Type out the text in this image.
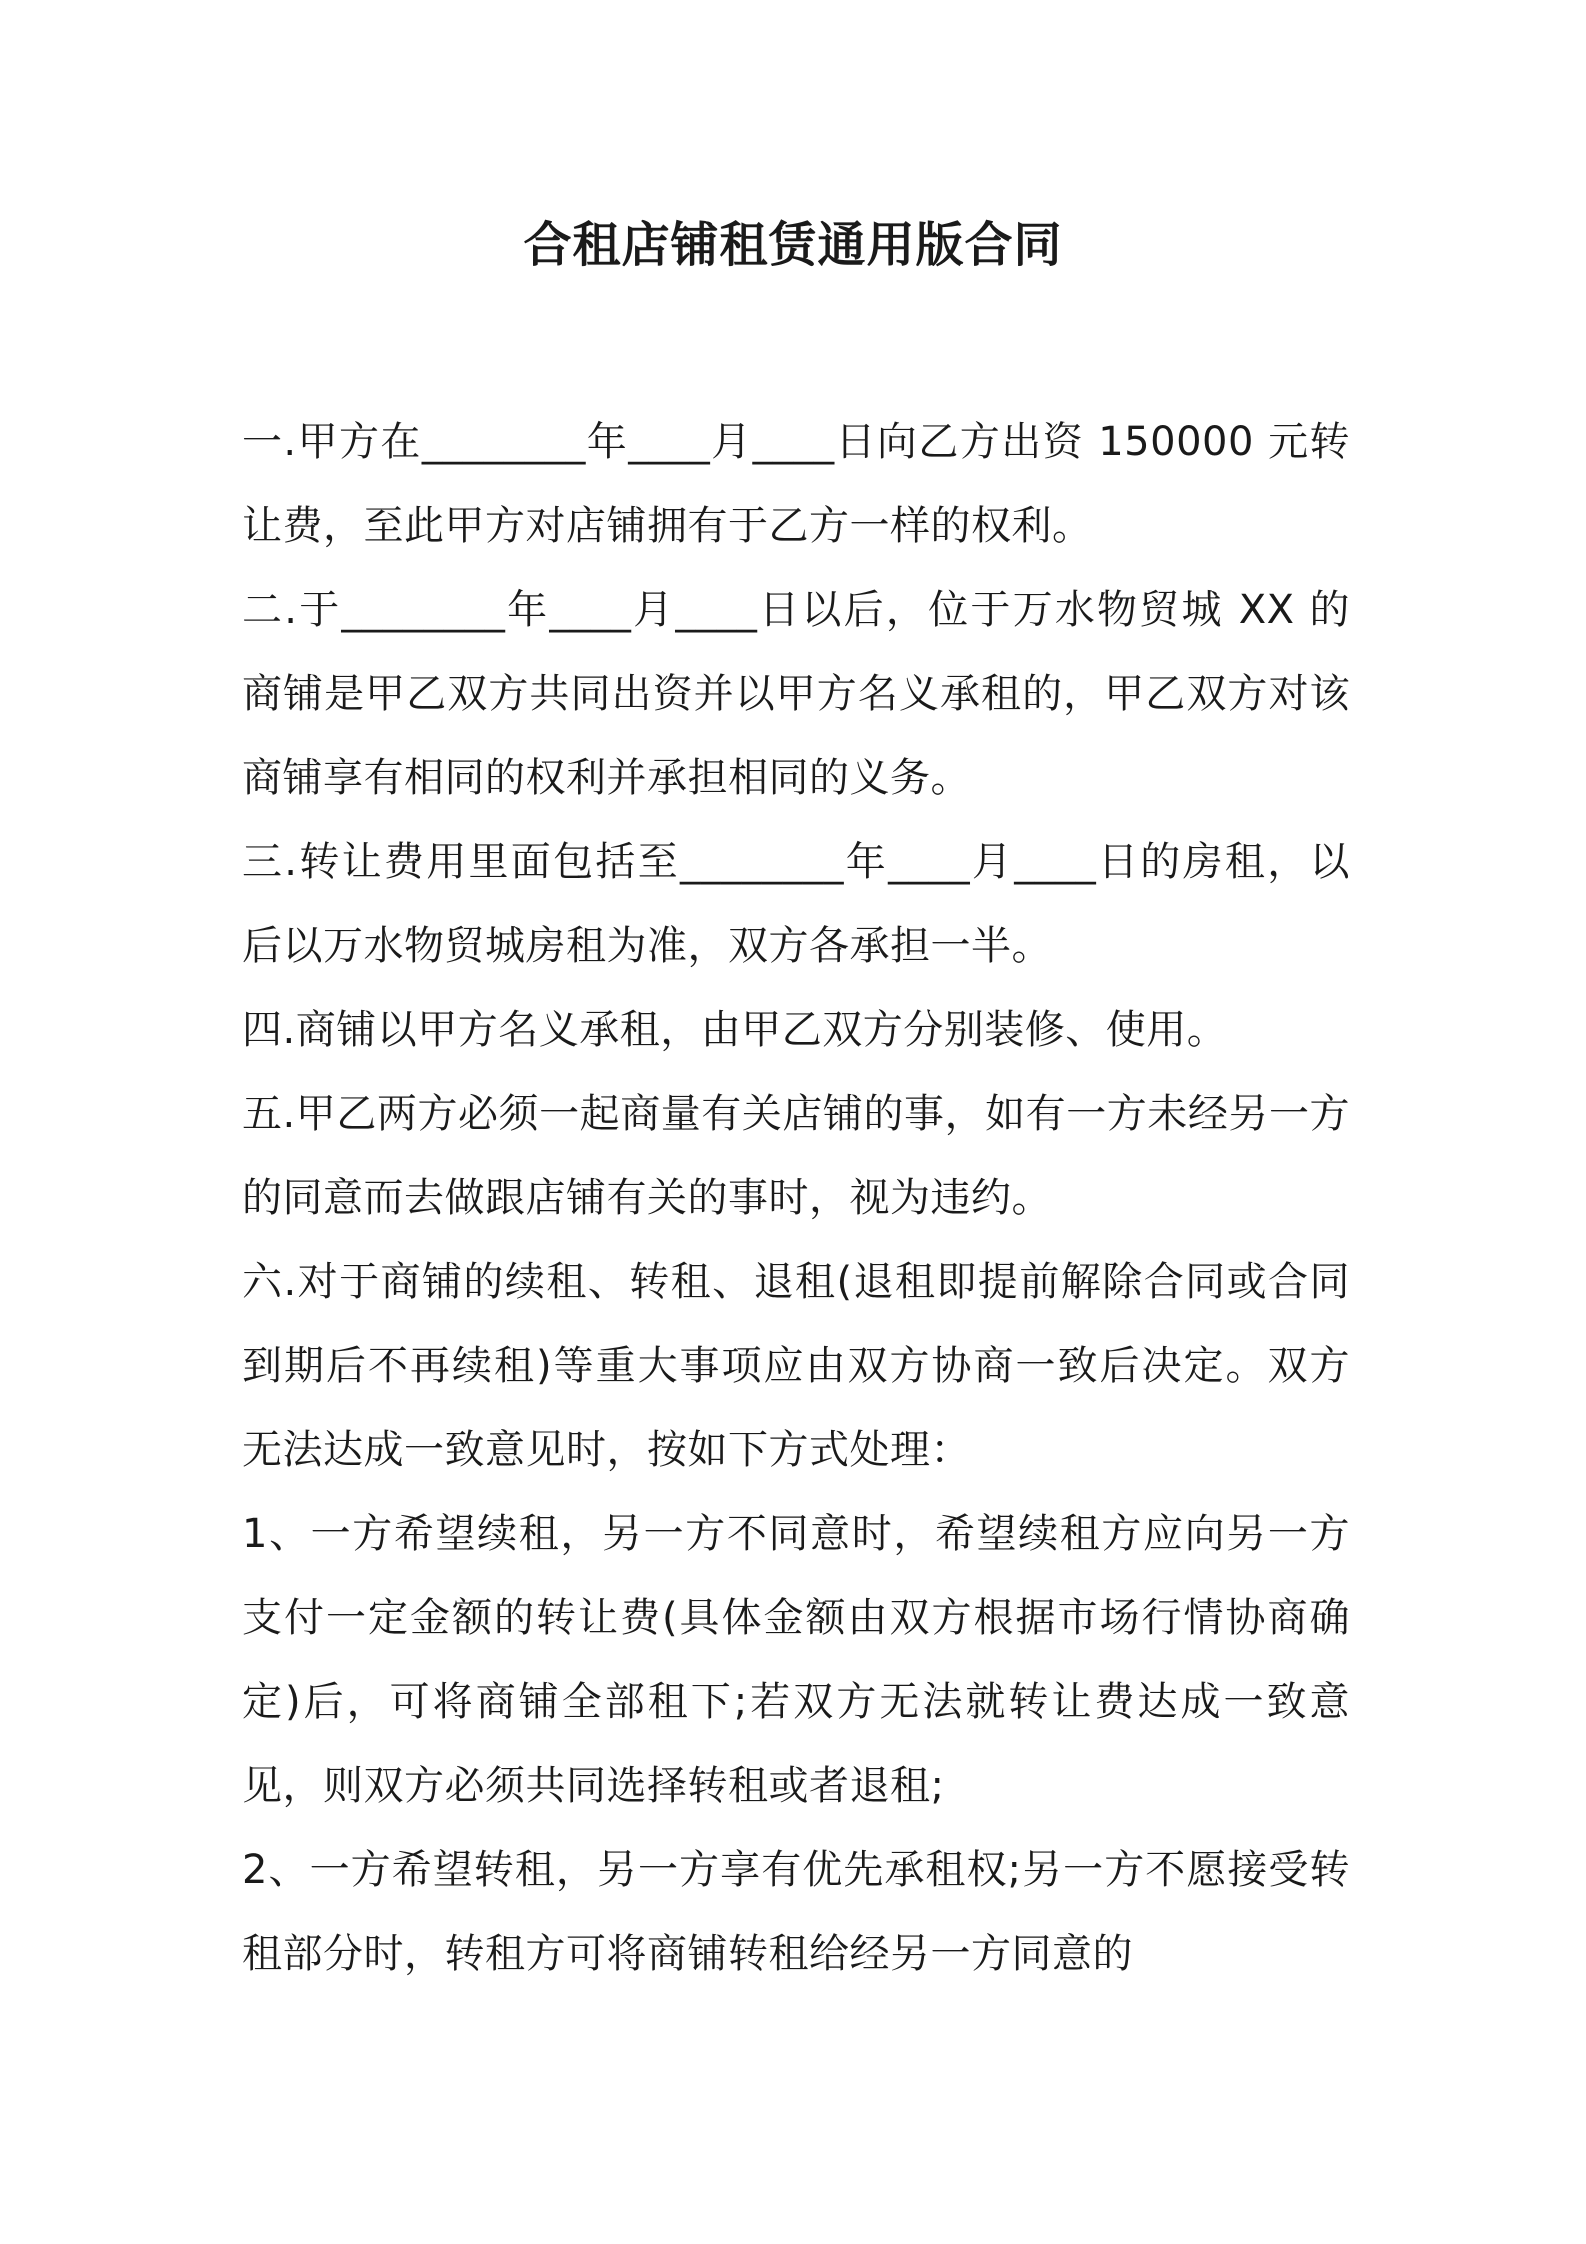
合租店铺租赁通用版合同

一.甲方在________年____月____日向乙方出资 150000 元转让费，至此甲方对店铺拥有于乙方一样的权利。

二.于________年____月____日以后，位于万水物贸城 XX 的商铺是甲乙双方共同出资并以甲方名义承租的，甲乙双方对该商铺享有相同的权利并承担相同的义务。

三.转让费用里面包括至________年____月____日的房租，以后以万水物贸城房租为准，双方各承担一半。

四.商铺以甲方名义承租，由甲乙双方分别装修、使用。

五.甲乙两方必须一起商量有关店铺的事，如有一方未经另一方的同意而去做跟店铺有关的事时，视为违约。

六.对于商铺的续租、转租、退租(退租即提前解除合同或合同到期后不再续租)等重大事项应由双方协商一致后决定。双方无法达成一致意见时，按如下方式处理：

1、一方希望续租，另一方不同意时，希望续租方应向另一方支付一定金额的转让费(具体金额由双方根据市场行情协商确定)后，可将商铺全部租下;若双方无法就转让费达成一致意见，则双方必须共同选择转租或者退租;

2、一方希望转租，另一方享有优先承租权;另一方不愿接受转租部分时，转租方可将商铺转租给经另一方同意的
